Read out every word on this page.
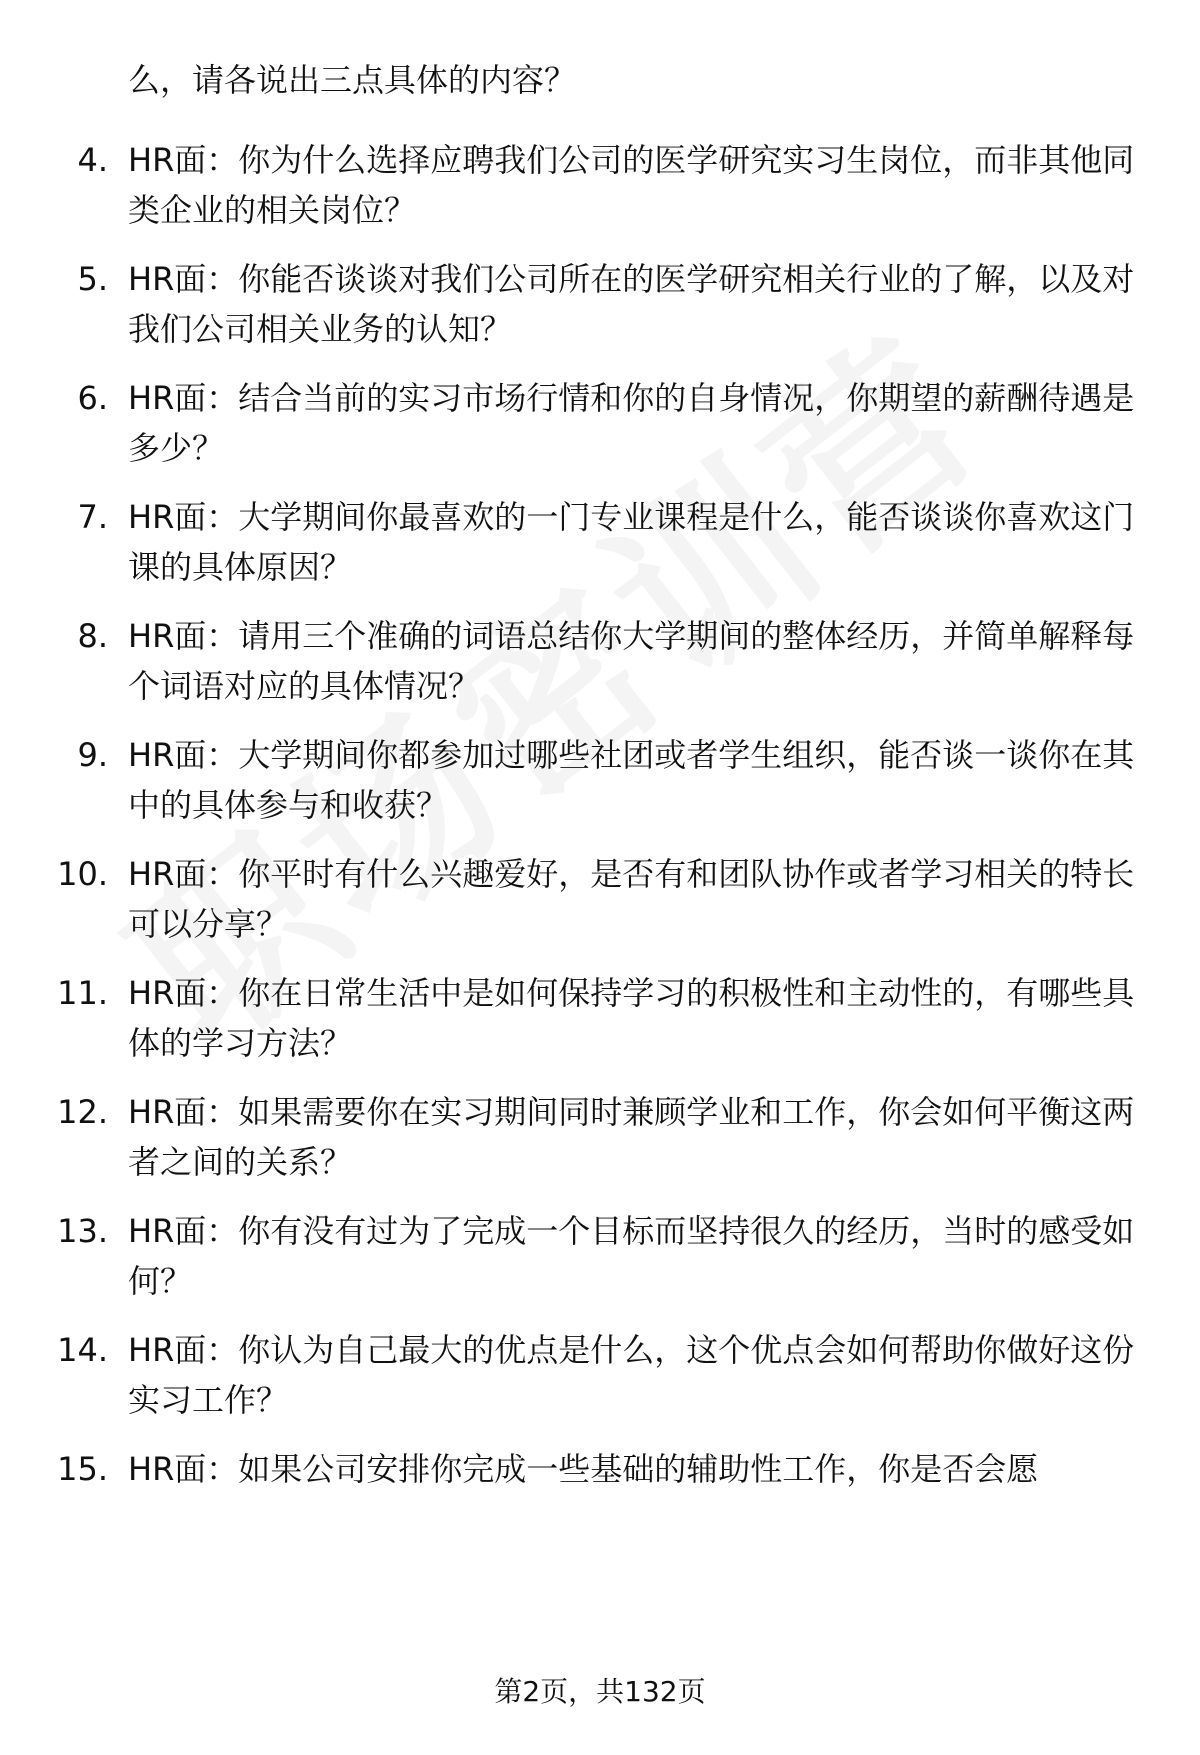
么，请各说出三点具体的内容？
4. HR面：你为什么选择应聘我们公司的医学研究实习生岗位，而非其他同类企业的相关岗位？
5. HR面：你能否谈谈对我们公司所在的医学研究相关行业的了解，以及对我们公司相关业务的认知？
6. HR面：结合当前的实习市场行情和你的自身情况，你期望的薪酬待遇是多少？
7. HR面：大学期间你最喜欢的一门专业课程是什么，能否谈谈你喜欢这门课的具体原因？
8. HR面：请用三个准确的词语总结你大学期间的整体经历，并简单解释每个词语对应的具体情况？
9. HR面：大学期间你都参加过哪些社团或者学生组织，能否谈一谈你在其中的具体参与和收获？
10. HR面：你平时有什么兴趣爱好，是否有和团队协作或者学习相关的特长可以分享？
11. HR面：你在日常生活中是如何保持学习的积极性和主动性的，有哪些具体的学习方法？
12. HR面：如果需要你在实习期间同时兼顾学业和工作，你会如何平衡这两者之间的关系？
13. HR面：你有没有过为了完成一个目标而坚持很久的经历，当时的感受如何？
14. HR面：你认为自己最大的优点是什么，这个优点会如何帮助你做好这份实习工作？
15. HR面：如果公司安排你完成一些基础的辅助性工作，你是否会愿
第2页，共132页
